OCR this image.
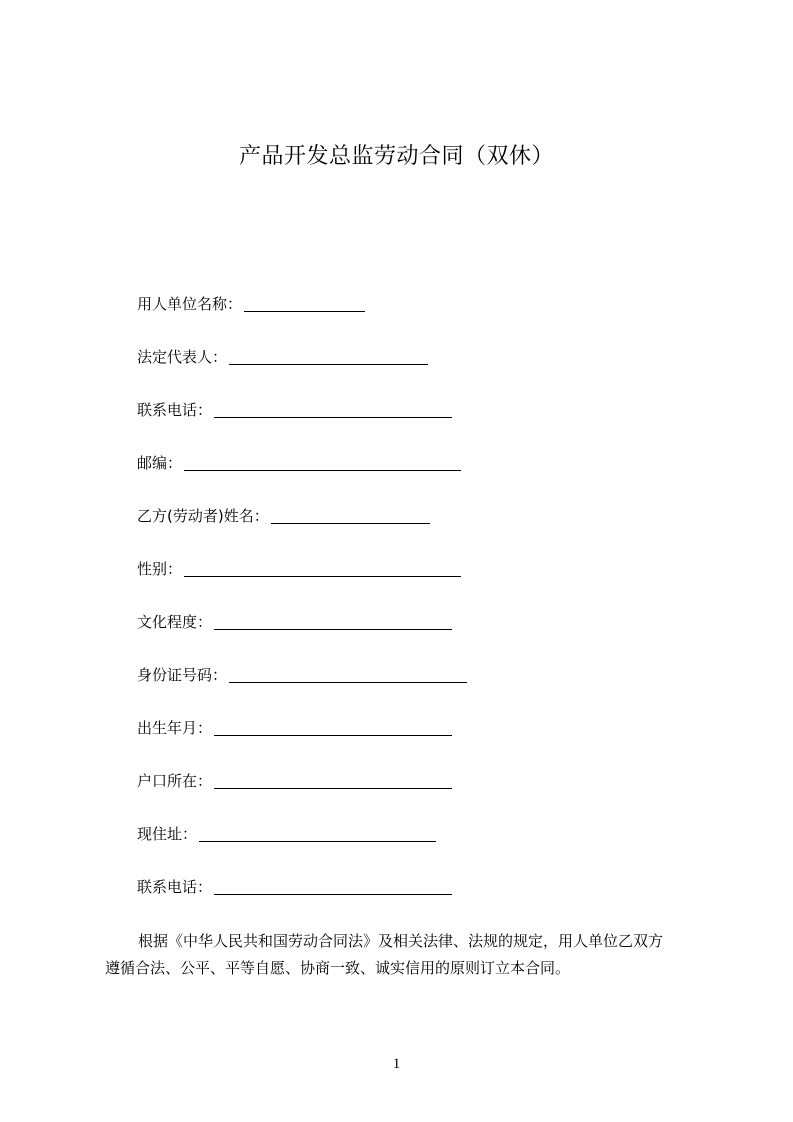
产品开发总监劳动合同（双休）
用人单位名称：
法定代表人：
联系电话：
邮编：
乙方(劳动者)姓名：
性别：
文化程度：
身份证号码：
出生年月：
户口所在：
现住址：
联系电话：
根据《中华人民共和国劳动合同法》及相关法律、法规的规定，用人单位乙双方
遵循合法、公平、平等自愿、协商一致、诚实信用的原则订立本合同。
1
